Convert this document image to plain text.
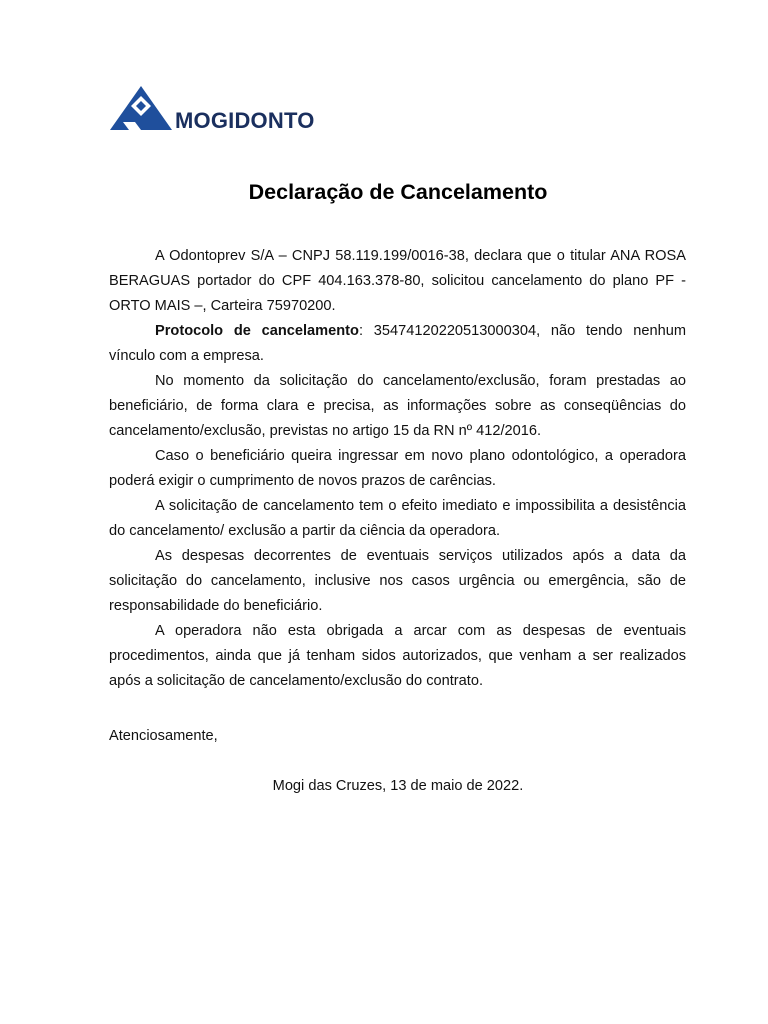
MOGIDONTO
Declaração de Cancelamento

A Odontoprev S/A – CNPJ 58.119.199/0016-38, declara que o titular ANA ROSA BERAGUAS portador do CPF 404.163.378-80, solicitou cancelamento do plano PF - ORTO MAIS –, Carteira 75970200.

Protocolo de cancelamento: 35474120220513000304, não tendo nenhum vínculo com a empresa.

No momento da solicitação do cancelamento/exclusão, foram prestadas ao beneficiário, de forma clara e precisa, as informações sobre as conseqüências do cancelamento/exclusão, previstas no artigo 15 da RN nº 412/2016.

Caso o beneficiário queira ingressar em novo plano odontológico, a operadora poderá exigir o cumprimento de novos prazos de carências.

A solicitação de cancelamento tem o efeito imediato e impossibilita a desistência do cancelamento/ exclusão a partir da ciência da operadora.

As despesas decorrentes de eventuais serviços utilizados após a data da solicitação do cancelamento, inclusive nos casos urgência ou emergência, são de responsabilidade do beneficiário.

A operadora não esta obrigada a arcar com as despesas de eventuais procedimentos, ainda que já tenham sidos autorizados, que venham a ser realizados após a solicitação de cancelamento/exclusão do contrato.

Atenciosamente,
Mogi das Cruzes, 13 de maio de 2022.
